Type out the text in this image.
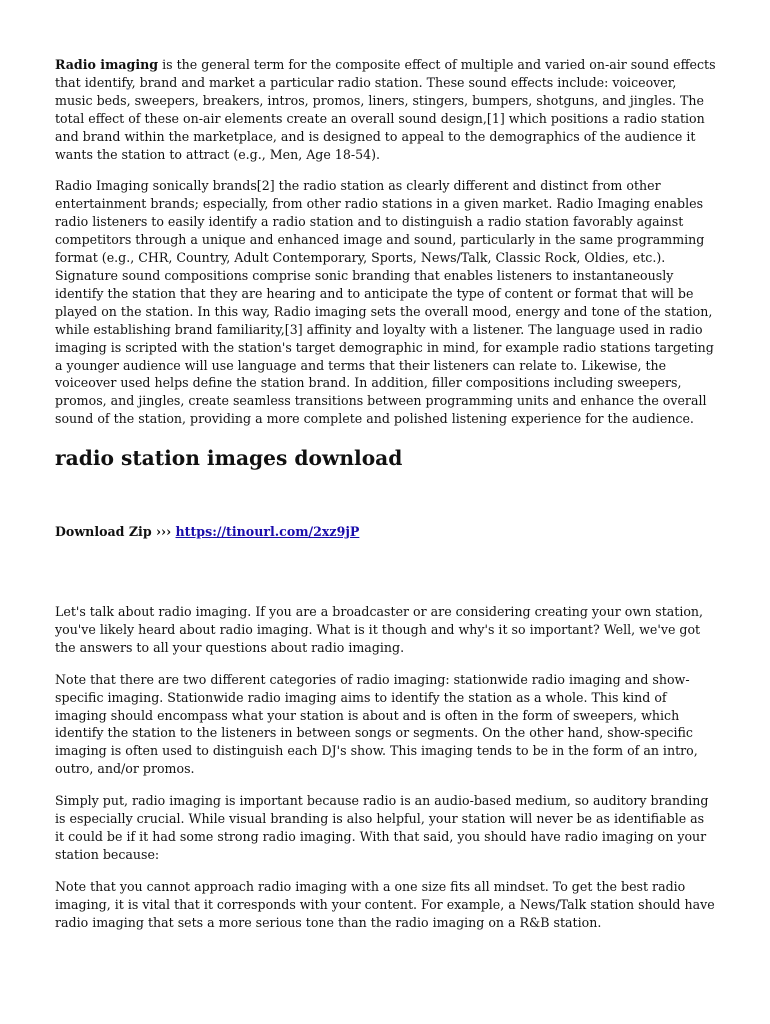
Radio imaging is the general term for the composite effect of multiple and varied on-air sound effects that identify, brand and market a particular radio station. These sound effects include: voiceover, music beds, sweepers, breakers, intros, promos, liners, stingers, bumpers, shotguns, and jingles. The total effect of these on-air elements create an overall sound design,[1] which positions a radio station and brand within the marketplace, and is designed to appeal to the demographics of the audience it wants the station to attract (e.g., Men, Age 18-54).

Radio Imaging sonically brands[2] the radio station as clearly different and distinct from other entertainment brands; especially, from other radio stations in a given market. Radio Imaging enables radio listeners to easily identify a radio station and to distinguish a radio station favorably against competitors through a unique and enhanced image and sound, particularly in the same programming format (e.g., CHR, Country, Adult Contemporary, Sports, News/Talk, Classic Rock, Oldies, etc.). Signature sound compositions comprise sonic branding that enables listeners to instantaneously identify the station that they are hearing and to anticipate the type of content or format that will be played on the station. In this way, Radio imaging sets the overall mood, energy and tone of the station, while establishing brand familiarity,[3] affinity and loyalty with a listener. The language used in radio imaging is scripted with the station's target demographic in mind, for example radio stations targeting a younger audience will use language and terms that their listeners can relate to. Likewise, the voiceover used helps define the station brand. In addition, filler compositions including sweepers, promos, and jingles, create seamless transitions between programming units and enhance the overall sound of the station, providing a more complete and polished listening experience for the audience.

radio station images download

Download Zip ››› https://tinourl.com/2xz9jP

Let's talk about radio imaging. If you are a broadcaster or are considering creating your own station, you've likely heard about radio imaging. What is it though and why's it so important? Well, we've got the answers to all your questions about radio imaging.

Note that there are two different categories of radio imaging: stationwide radio imaging and show-specific imaging. Stationwide radio imaging aims to identify the station as a whole. This kind of imaging should encompass what your station is about and is often in the form of sweepers, which identify the station to the listeners in between songs or segments. On the other hand, show-specific imaging is often used to distinguish each DJ's show. This imaging tends to be in the form of an intro, outro, and/or promos.

Simply put, radio imaging is important because radio is an audio-based medium, so auditory branding is especially crucial. While visual branding is also helpful, your station will never be as identifiable as it could be if it had some strong radio imaging. With that said, you should have radio imaging on your station because:

Note that you cannot approach radio imaging with a one size fits all mindset. To get the best radio imaging, it is vital that it corresponds with your content. For example, a News/Talk station should have radio imaging that sets a more serious tone than the radio imaging on a R&B station.
